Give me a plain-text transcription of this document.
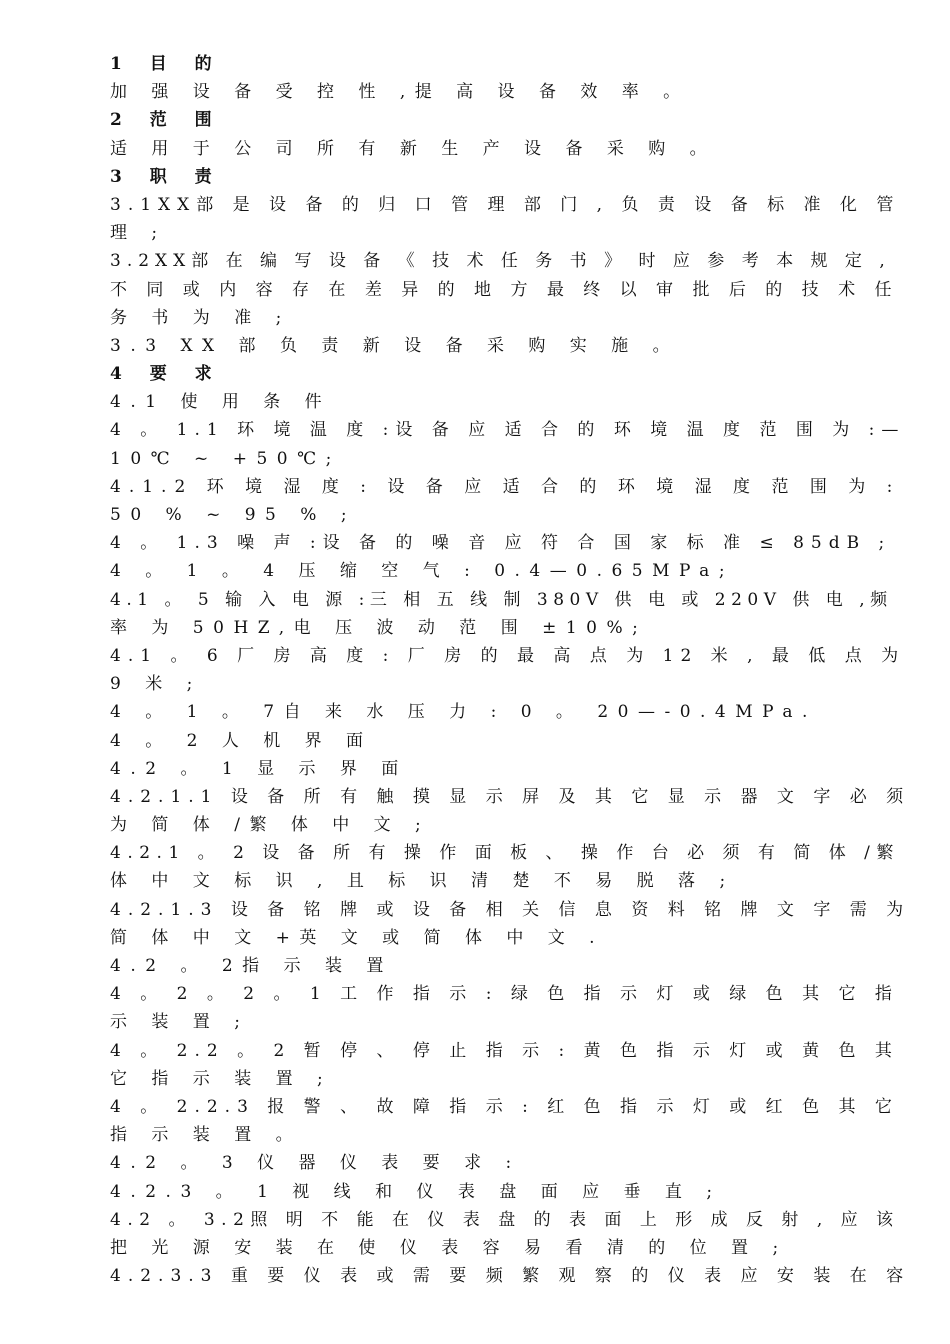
1 目 的
加 强 设 备 受 控 性 ,提 高 设 备 效 率 。
2 范 围
适 用 于 公 司 所 有 新 生 产 设 备 采 购 。
3 职 责
3.1XX部 是 设 备 的 归 口 管 理 部 门 , 负 责 设 备 标 准 化 管
理 ;
3.2XX部 在 编 写 设 备 《 技 术 任 务 书 》 时 应 参 考 本 规 定 ,
不 同 或 内 容 存 在 差 异 的 地 方 最 终 以 审 批 后 的 技 术 任
务 书 为 准 ;
3.3 XX 部 负 责 新 设 备 采 购 实 施 。
4 要 求
4.1 使 用 条 件
4 。 1.1 环 境 温 度 :设 备 应 适 合 的 环 境 温 度 范 围 为 :—
10℃ ~ +50℃;
4.1.2 环 境 湿 度 : 设 备 应 适 合 的 环 境 湿 度 范 围 为 :
50 % ~ 95 % ;
4 。 1.3 噪 声 :设 备 的 噪 音 应 符 合 国 家 标 准 ≤ 85dB ;
4 。 1 。 4 压 缩 空 气 : 0.4—0.65MPa;
4.1 。 5 输 入 电 源 :三 相 五 线 制 380V 供 电 或 220V 供 电 ,频
率 为 50HZ,电 压 波 动 范 围 ±10%;
4.1 。 6 厂 房 高 度 : 厂 房 的 最 高 点 为 12 米 , 最 低 点 为
9 米 ;
4 。 1 。 7自 来 水 压 力 : 0 。 20—-0.4MPa.
4 。 2 人 机 界 面
4.2 。 1 显 示 界 面
4.2.1.1 设 备 所 有 触 摸 显 示 屏 及 其 它 显 示 器 文 字 必 须
为 简 体 /繁 体 中 文 ;
4.2.1 。 2 设 备 所 有 操 作 面 板 、 操 作 台 必 须 有 简 体 /繁
体 中 文 标 识 , 且 标 识 清 楚 不 易 脱 落 ;
4.2.1.3 设 备 铭 牌 或 设 备 相 关 信 息 资 料 铭 牌 文 字 需 为
简 体 中 文 +英 文 或 简 体 中 文 .
4.2 。 2指 示 装 置
4 。 2 。 2 。 1 工 作 指 示 : 绿 色 指 示 灯 或 绿 色 其 它 指
示 装 置 ;
4 。 2.2 。 2 暂 停 、 停 止 指 示 : 黄 色 指 示 灯 或 黄 色 其
它 指 示 装 置 ;
4 。 2.2.3 报 警 、 故 障 指 示 : 红 色 指 示 灯 或 红 色 其 它
指 示 装 置 。
4.2 。 3 仪 器 仪 表 要 求 :
4.2.3 。 1 视 线 和 仪 表 盘 面 应 垂 直 ;
4.2 。 3.2照 明 不 能 在 仪 表 盘 的 表 面 上 形 成 反 射 , 应 该
把 光 源 安 装 在 使 仪 表 容 易 看 清 的 位 置 ;
4.2.3.3 重 要 仪 表 或 需 要 频 繁 观 察 的 仪 表 应 安 装 在 容
